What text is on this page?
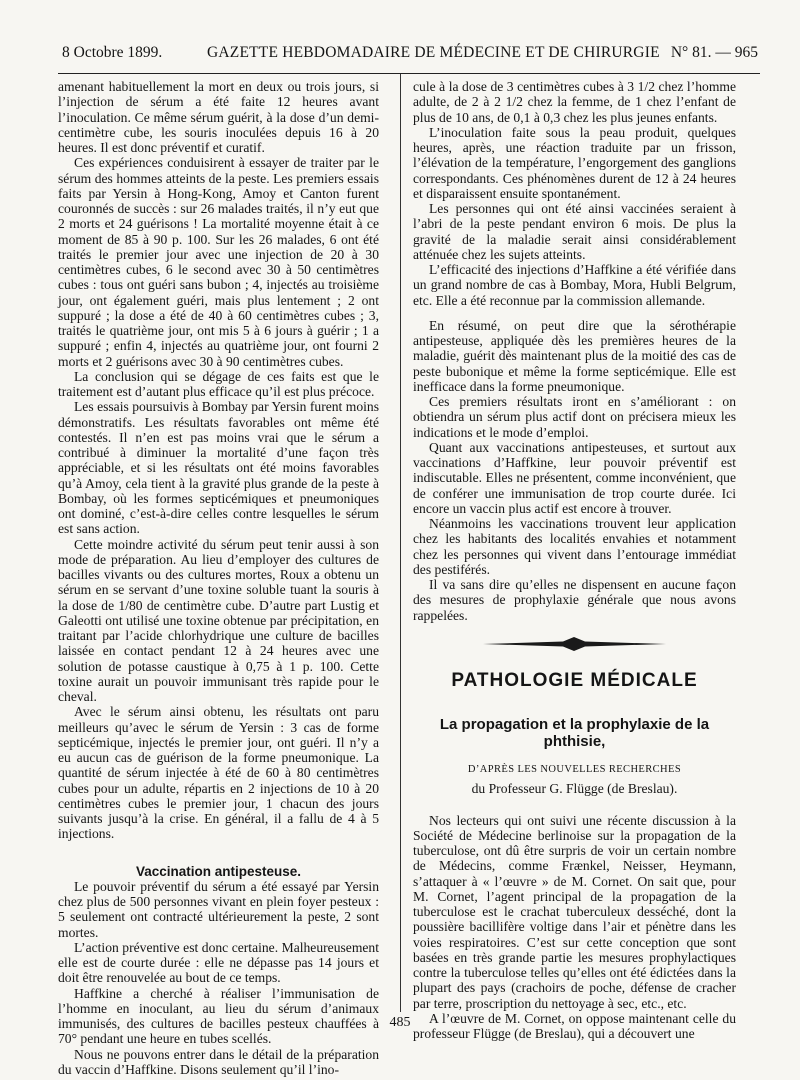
8 Octobre 1899.	GAZETTE HEBDOMADAIRE DE MÉDECINE ET DE CHIRURGIE N° 81. — 965

amenant habituellement la mort en deux ou trois jours, si l’injection de sérum a été faite 12 heures avant l’inoculation. Ce même sérum guérit, à la dose d’un demi-centimètre cube, les souris inoculées depuis 16 à 20 heures. Il est donc préventif et curatif.

Ces expériences conduisirent à essayer de traiter par le sérum des hommes atteints de la peste. Les premiers essais faits par Yersin à Hong-Kong, Amoy et Canton furent couronnés de succès : sur 26 malades traités, il n’y eut que 2 morts et 24 guérisons ! La mortalité moyenne était à ce moment de 85 à 90 p. 100. Sur les 26 malades, 6 ont été traités le premier jour avec une injection de 20 à 30 centimètres cubes, 6 le second avec 30 à 50 centimètres cubes : tous ont guéri sans bubon ; 4, injectés au troisième jour, ont également guéri, mais plus lentement ; 2 ont suppuré ; la dose a été de 40 à 60 centimètres cubes ; 3, traités le quatrième jour, ont mis 5 à 6 jours à guérir ; 1 a suppuré ; enfin 4, injectés au quatrième jour, ont fourni 2 morts et 2 guérisons avec 30 à 90 centimètres cubes.

La conclusion qui se dégage de ces faits est que le traitement est d’autant plus efficace qu’il est plus précoce.

Les essais poursuivis à Bombay par Yersin furent moins démonstratifs. Les résultats favorables ont même été contestés. Il n’en est pas moins vrai que le sérum a contribué à diminuer la mortalité d’une façon très appréciable, et si les résultats ont été moins favorables qu’à Amoy, cela tient à la gravité plus grande de la peste à Bombay, où les formes septicémiques et pneumoniques ont dominé, c’est-à-dire celles contre lesquelles le sérum est sans action.

Cette moindre activité du sérum peut tenir aussi à son mode de préparation. Au lieu d’employer des cultures de bacilles vivants ou des cultures mortes, Roux a obtenu un sérum en se servant d’une toxine soluble tuant la souris à la dose de 1/80 de centimètre cube. D’autre part Lustig et Galeotti ont utilisé une toxine obtenue par précipitation, en traitant par l’acide chlorhydrique une culture de bacilles laissée en contact pendant 12 à 24 heures avec une solution de potasse caustique à 0,75 à 1 p. 100. Cette toxine aurait un pouvoir immunisant très rapide pour le cheval.

Avec le sérum ainsi obtenu, les résultats ont paru meilleurs qu’avec le sérum de Yersin : 3 cas de forme septicémique, injectés le premier jour, ont guéri. Il n’y a eu aucun cas de guérison de la forme pneumonique. La quantité de sérum injectée à été de 60 à 80 centimètres cubes pour un adulte, répartis en 2 injections de 10 à 20 centimètres cubes le premier jour, 1 chacun des jours suivants jusqu’à la crise. En général, il a fallu de 4 à 5 injections.

Vaccination antipesteuse.

Le pouvoir préventif du sérum a été essayé par Yersin chez plus de 500 personnes vivant en plein foyer pesteux : 5 seulement ont contracté ultérieurement la peste, 2 sont mortes.

L’action préventive est donc certaine. Malheureusement elle est de courte durée : elle ne dépasse pas 14 jours et doit être renouvelée au bout de ce temps.

Haffkine a cherché à réaliser l’immunisation de l’homme en inoculant, au lieu du sérum d’animaux immunisés, des cultures de bacilles pesteux chauffées à 70° pendant une heure en tubes scellés.

Nous ne pouvons entrer dans le détail de la préparation du vaccin d’Haffkine. Disons seulement qu’il l’ino-

cule à la dose de 3 centimètres cubes à 3 1/2 chez l’homme adulte, de 2 à 2 1/2 chez la femme, de 1 chez l’enfant de plus de 10 ans, de 0,1 à 0,3 chez les plus jeunes enfants.

L’inoculation faite sous la peau produit, quelques heures, après, une réaction traduite par un frisson, l’élévation de la température, l’engorgement des ganglions correspondants. Ces phénomènes durent de 12 à 24 heures et disparaissent ensuite spontanément.

Les personnes qui ont été ainsi vaccinées seraient à l’abri de la peste pendant environ 6 mois. De plus la gravité de la maladie serait ainsi considérablement atténuée chez les sujets atteints.

L’efficacité des injections d’Haffkine a été vérifiée dans un grand nombre de cas à Bombay, Mora, Hubli Belgrum, etc. Elle a été reconnue par la commission allemande.

En résumé, on peut dire que la sérothérapie antipesteuse, appliquée dès les premières heures de la maladie, guérit dès maintenant plus de la moitié des cas de peste bubonique et même la forme septicémique. Elle est inefficace dans la forme pneumonique.

Ces premiers résultats iront en s’améliorant : on obtiendra un sérum plus actif dont on précisera mieux les indications et le mode d’emploi.

Quant aux vaccinations antipesteuses, et surtout aux vaccinations d’Haffkine, leur pouvoir préventif est indiscutable. Elles ne présentent, comme inconvénient, que de conférer une immunisation de trop courte durée. Ici encore un vaccin plus actif est encore à trouver.

Néanmoins les vaccinations trouvent leur application chez les habitants des localités envahies et notamment chez les personnes qui vivent dans l’entourage immédiat des pestiférés.

Il va sans dire qu’elles ne dispensent en aucune façon des mesures de prophylaxie générale que nous avons rappelées.

PATHOLOGIE MÉDICALE
La propagation et la prophylaxie de la
phthisie,
D’APRÈS LES NOUVELLES RECHERCHES
du Professeur G. Flügge (de Breslau).

Nos lecteurs qui ont suivi une récente discussion à la Société de Médecine berlinoise sur la propagation de la tuberculose, ont dû être surpris de voir un certain nombre de Médecins, comme Frænkel, Neisser, Heymann, s’attaquer à « l’œuvre » de M. Cornet. On sait que, pour M. Cornet, l’agent principal de la propagation de la tuberculose est le crachat tuberculeux desséché, dont la poussière bacillifère voltige dans l’air et pénètre dans les voies respiratoires. C’est sur cette conception que sont basées en très grande partie les mesures prophylactiques contre la tuberculose telles qu’elles ont été édictées dans la plupart des pays (crachoirs de poche, défense de cracher par terre, proscription du nettoyage à sec, etc., etc.

A l’œuvre de M. Cornet, on oppose maintenant celle du professeur Flügge (de Breslau), qui a découvert une

485
